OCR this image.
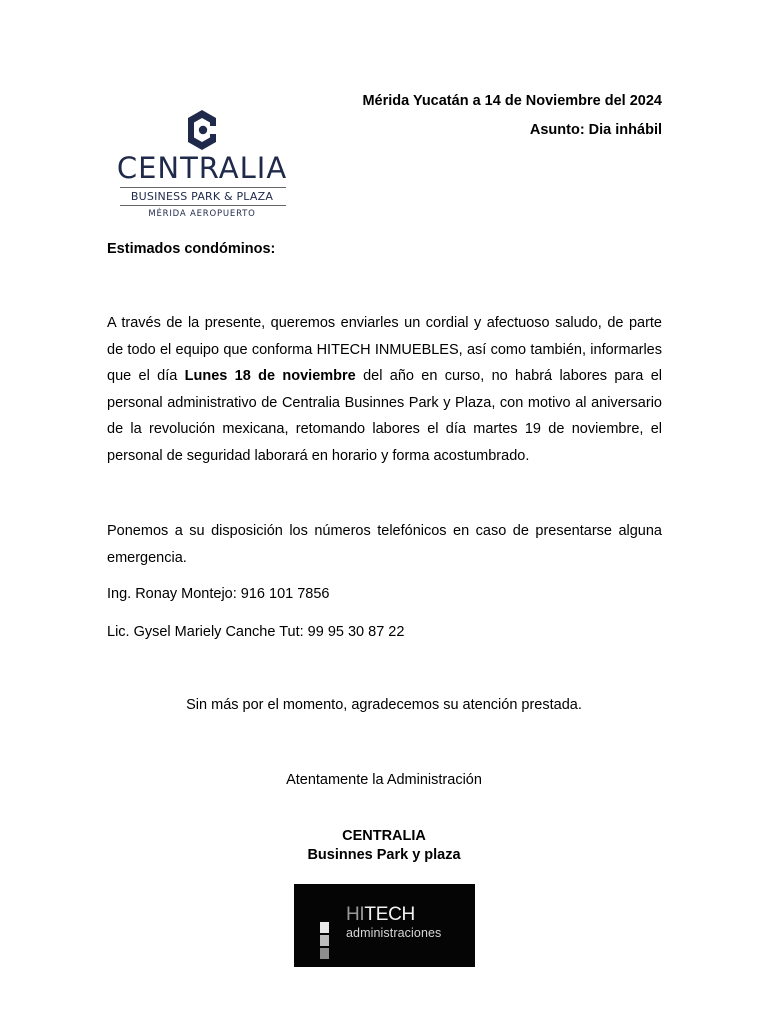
Mérida Yucatán a 14 de Noviembre del 2024
Asunto: Dia inhábil
CENTRALIA
BUSINESS PARK & PLAZA
MÉRIDA AEROPUERTO
Estimados condóminos:
A través de la presente, queremos enviarles un cordial y afectuoso saludo, de parte de todo el equipo que conforma HITECH INMUEBLES, así como también, informarles que el día Lunes 18 de noviembre del año en curso, no habrá labores para el personal administrativo de Centralia Businnes Park y Plaza, con motivo al aniversario de la revolución mexicana, retomando labores el día martes 19 de noviembre, el personal de seguridad laborará en horario y forma acostumbrado.
Ponemos a su disposición los números telefónicos en caso de presentarse alguna emergencia.
Ing. Ronay Montejo: 916 101 7856
Lic. Gysel Mariely Canche Tut: 99 95 30 87 22
Sin más por el momento, agradecemos su atención prestada.
Atentamente la Administración
CENTRALIA
Businnes Park y plaza
HITECH
administraciones
